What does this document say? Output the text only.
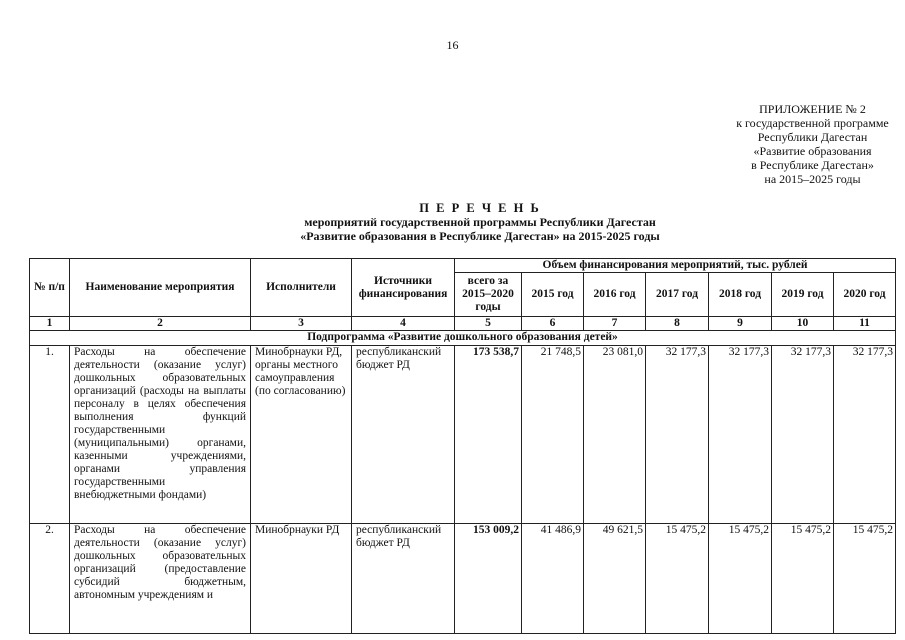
16
ПРИЛОЖЕНИЕ № 2
к государственной программе
Республики Дагестан
«Развитие образования
в Республике Дагестан»
на 2015–2025 годы
П Е Р Е Ч Е Н Ь
мероприятий государственной программы Республики Дагестан
«Развитие образования в Республике Дагестан» на 2015-2025 годы
№ п/п	Наименование мероприятия	Исполнители	Источники финансирования	Объем финансирования мероприятий, тыс. рублей						
				всего за 2015–2020 годы	2015 год	2016 год	2017 год	2018 год	2019 год	2020 год
1	2	3	4	5	6	7	8	9	10	11
Подпрограмма «Развитие дошкольного образования детей»										
1.	Расходы на обеспечение деятельности (оказание услуг) дошкольных образовательных организаций (расходы на выплаты персоналу в целях обеспечения выполнения функций государственными (муниципальными) органами, казенными учреждениями, органами управления государственными внебюджетными фондами)	Минобрнауки РД, органы местного самоуправления (по согласованию)	республиканский бюджет РД	173 538,7	21 748,5	23 081,0	32 177,3	32 177,3	32 177,3	32 177,3
2.	Расходы на обеспечение деятельности (оказание услуг) дошкольных образовательных организаций (предоставление субсидий бюджетным, автономным учреждениям и	Минобрнауки РД	республиканский бюджет РД	153 009,2	41 486,9	49 621,5	15 475,2	15 475,2	15 475,2	15 475,2
